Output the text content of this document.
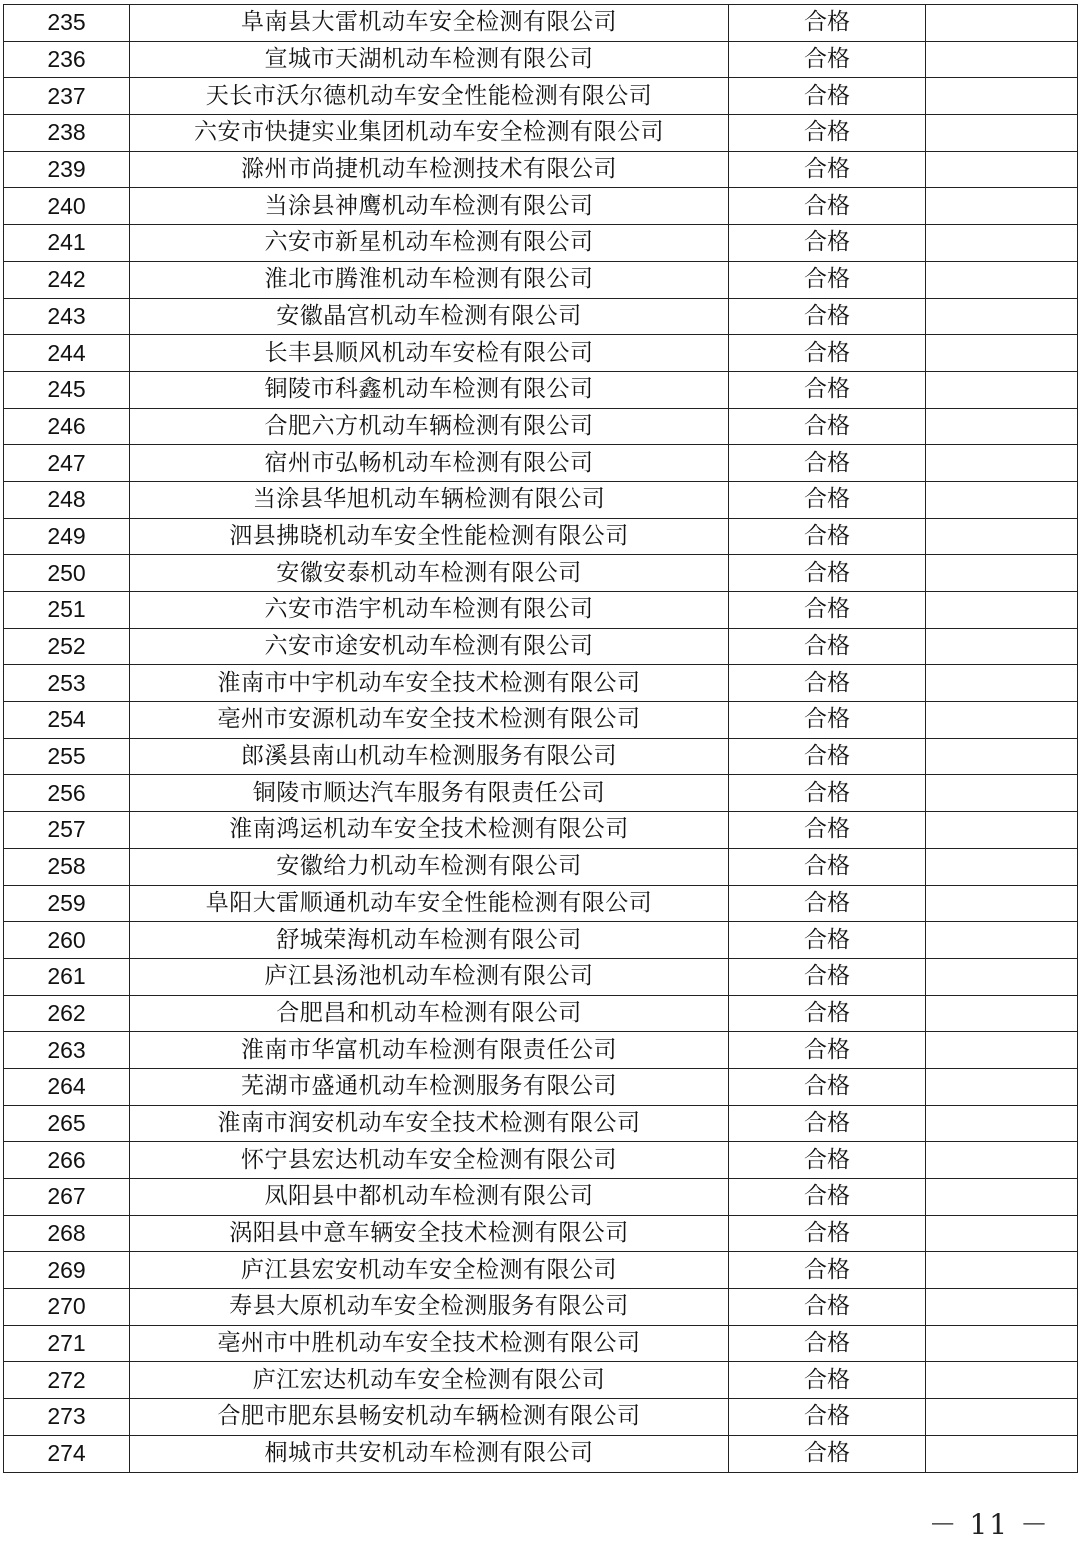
235	阜南县大雷机动车安全检测有限公司	合格	
236	宣城市天湖机动车检测有限公司	合格	
237	天长市沃尔德机动车安全性能检测有限公司	合格	
238	六安市快捷实业集团机动车安全检测有限公司	合格	
239	滁州市尚捷机动车检测技术有限公司	合格	
240	当涂县神鹰机动车检测有限公司	合格	
241	六安市新星机动车检测有限公司	合格	
242	淮北市腾淮机动车检测有限公司	合格	
243	安徽晶宫机动车检测有限公司	合格	
244	长丰县顺风机动车安检有限公司	合格	
245	铜陵市科鑫机动车检测有限公司	合格	
246	合肥六方机动车辆检测有限公司	合格	
247	宿州市弘畅机动车检测有限公司	合格	
248	当涂县华旭机动车辆检测有限公司	合格	
249	泗县拂晓机动车安全性能检测有限公司	合格	
250	安徽安泰机动车检测有限公司	合格	
251	六安市浩宇机动车检测有限公司	合格	
252	六安市途安机动车检测有限公司	合格	
253	淮南市中宇机动车安全技术检测有限公司	合格	
254	亳州市安源机动车安全技术检测有限公司	合格	
255	郎溪县南山机动车检测服务有限公司	合格	
256	铜陵市顺达汽车服务有限责任公司	合格	
257	淮南鸿运机动车安全技术检测有限公司	合格	
258	安徽给力机动车检测有限公司	合格	
259	阜阳大雷顺通机动车安全性能检测有限公司	合格	
260	舒城荣海机动车检测有限公司	合格	
261	庐江县汤池机动车检测有限公司	合格	
262	合肥昌和机动车检测有限公司	合格	
263	淮南市华富机动车检测有限责任公司	合格	
264	芜湖市盛通机动车检测服务有限公司	合格	
265	淮南市润安机动车安全技术检测有限公司	合格	
266	怀宁县宏达机动车安全检测有限公司	合格	
267	凤阳县中都机动车检测有限公司	合格	
268	涡阳县中意车辆安全技术检测有限公司	合格	
269	庐江县宏安机动车安全检测有限公司	合格	
270	寿县大原机动车安全检测服务有限公司	合格	
271	亳州市中胜机动车安全技术检测有限公司	合格	
272	庐江宏达机动车安全检测有限公司	合格	
273	合肥市肥东县畅安机动车辆检测有限公司	合格	
274	桐城市共安机动车检测有限公司	合格	
－ 11 －
